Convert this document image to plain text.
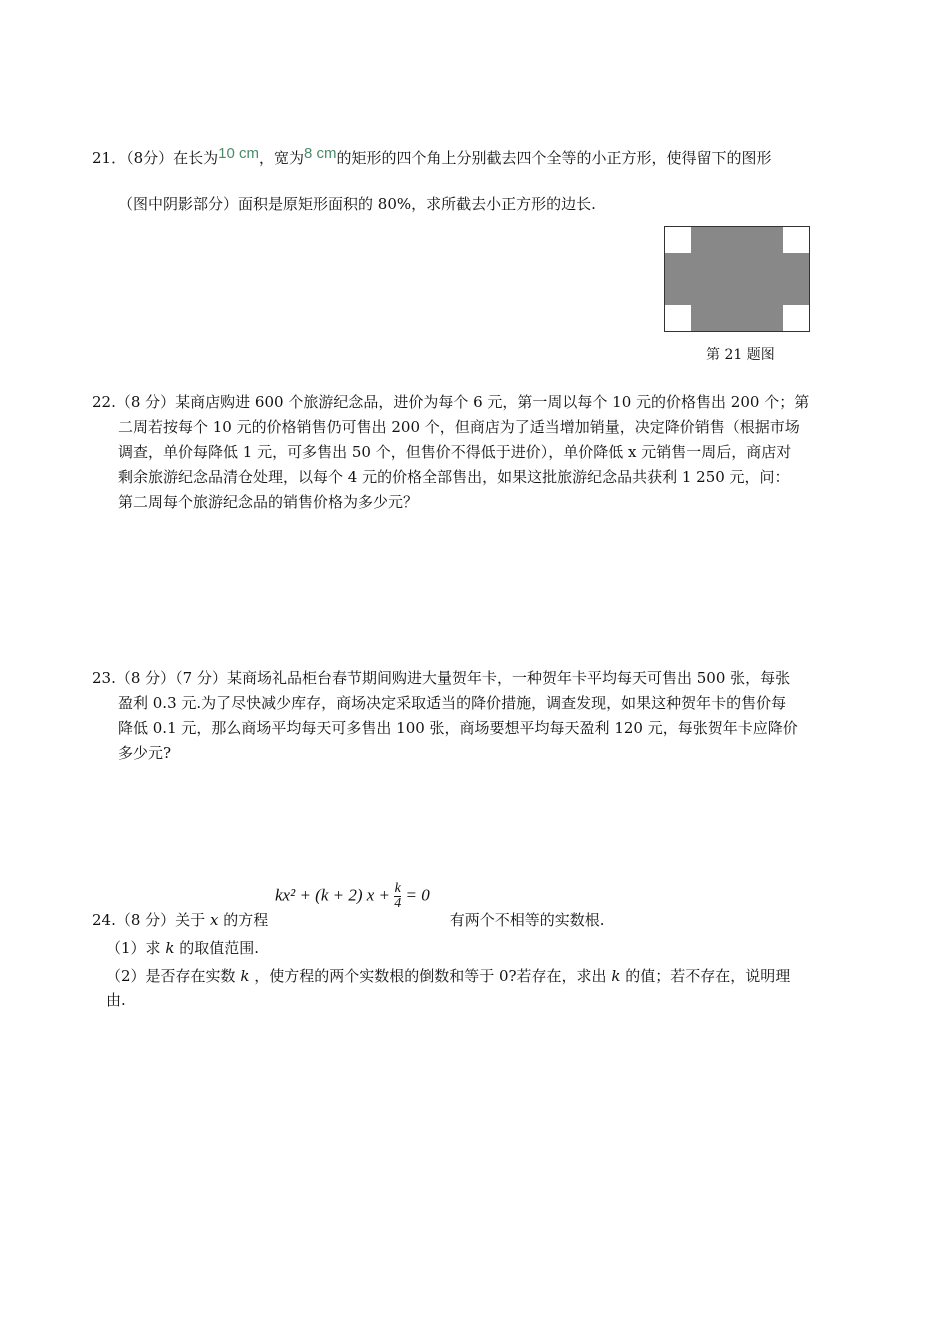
21．（8分）在长为10 cm，宽为8 cm的矩形的四个角上分别截去四个全等的小正方形，使得留下的图形
（图中阴影部分）面积是原矩形面积的 80%，求所截去小正方形的边长.
第 21 题图
22.（8 分）某商店购进 600 个旅游纪念品，进价为每个 6 元，第一周以每个 10 元的价格售出 200 个；第
二周若按每个 10 元的价格销售仍可售出 200 个，但商店为了适当增加销量，决定降价销售（根据市场
调查，单价每降低 1 元，可多售出 50 个，但售价不得低于进价），单价降低 x 元销售一周后，商店对
剩余旅游纪念品清仓处理，以每个 4 元的价格全部售出，如果这批旅游纪念品共获利 1 250 元，问：
第二周每个旅游纪念品的销售价格为多少元？
23.（8 分）（7 分）某商场礼品柜台春节期间购进大量贺年卡，一种贺年卡平均每天可售出 500 张，每张
盈利 0.3 元.为了尽快减少库存，商场决定采取适当的降价措施，调查发现，如果这种贺年卡的售价每
降低 0.1 元，那么商场平均每天可多售出 100 张，商场要想平均每天盈利 120 元，每张贺年卡应降价
多少元?
kx² + (k + 2) $x + \frac{k}{4} = 0$
24.（8 分）关于 x 的方程	有两个不相等的实数根.
（1）求 k 的取值范围.
（2）是否存在实数 k ，使方程的两个实数根的倒数和等于 0?若存在，求出 k 的值；若不存在，说明理
由.
